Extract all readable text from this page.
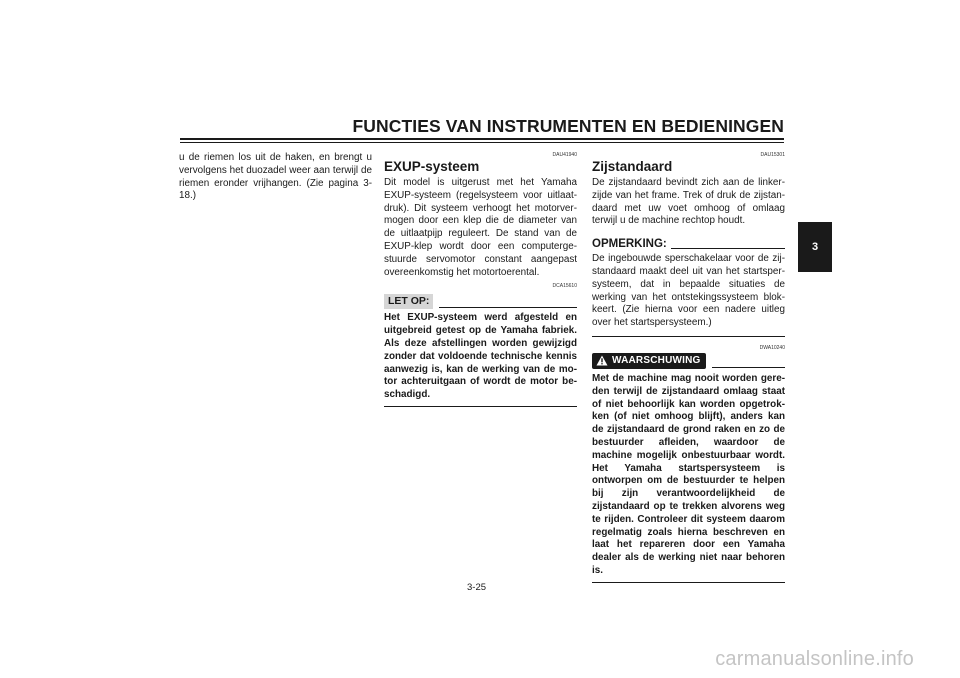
FUNCTIES VAN INSTRUMENTEN EN BEDIENINGEN
3

u de riemen los uit de haken, en brengt u vervolgens het duozadel weer aan terwijl de riemen eronder vrijhangen. (Zie pagina 3-18.)

DAU41940
EXUP-systeem

Dit model is uitgerust met het Yamaha EXUP-systeem (regelsysteem voor uitlaatdruk). Dit systeem verhoogt het motorvermogen door een klep die de diameter van de uitlaatpijp reguleert. De stand van de EXUP-klep wordt door een computergestuurde servomotor constant aangepast overeenkomstig het motortoerental.

DCA15610
LET OP:

Het EXUP-systeem werd afgesteld en uitgebreid getest op de Yamaha fabriek. Als deze afstellingen worden gewijzigd zonder dat voldoende technische kennis aanwezig is, kan de werking van de motor achteruitgaan of wordt de motor beschadigd.

DAU15301
Zijstandaard

De zijstandaard bevindt zich aan de linkerzijde van het frame. Trek of druk de zijstandaard met uw voet omhoog of omlaag terwijl u de machine rechtop houdt.

OPMERKING:

De ingebouwde sperschakelaar voor de zijstandaard maakt deel uit van het startspersysteem, dat in bepaalde situaties de werking van het ontstekingssysteem blokkeert. (Zie hierna voor een nadere uitleg over het startspersysteem.)

DWA10240
WAARSCHUWING

Met de machine mag nooit worden gereden terwijl de zijstandaard omlaag staat of niet behoorlijk kan worden opgetrokken (of niet omhoog blijft), anders kan de zijstandaard de grond raken en zo de bestuurder afleiden, waardoor de machine mogelijk onbestuurbaar wordt. Het Yamaha startspersysteem is ontworpen om de bestuurder te helpen bij zijn verantwoordelijkheid de zijstandaard op te trekken alvorens weg te rijden. Controleer dit systeem daarom regelmatig zoals hierna beschreven en laat het repareren door een Yamaha dealer als de werking niet naar behoren is.

3-25
carmanualsonline.info
